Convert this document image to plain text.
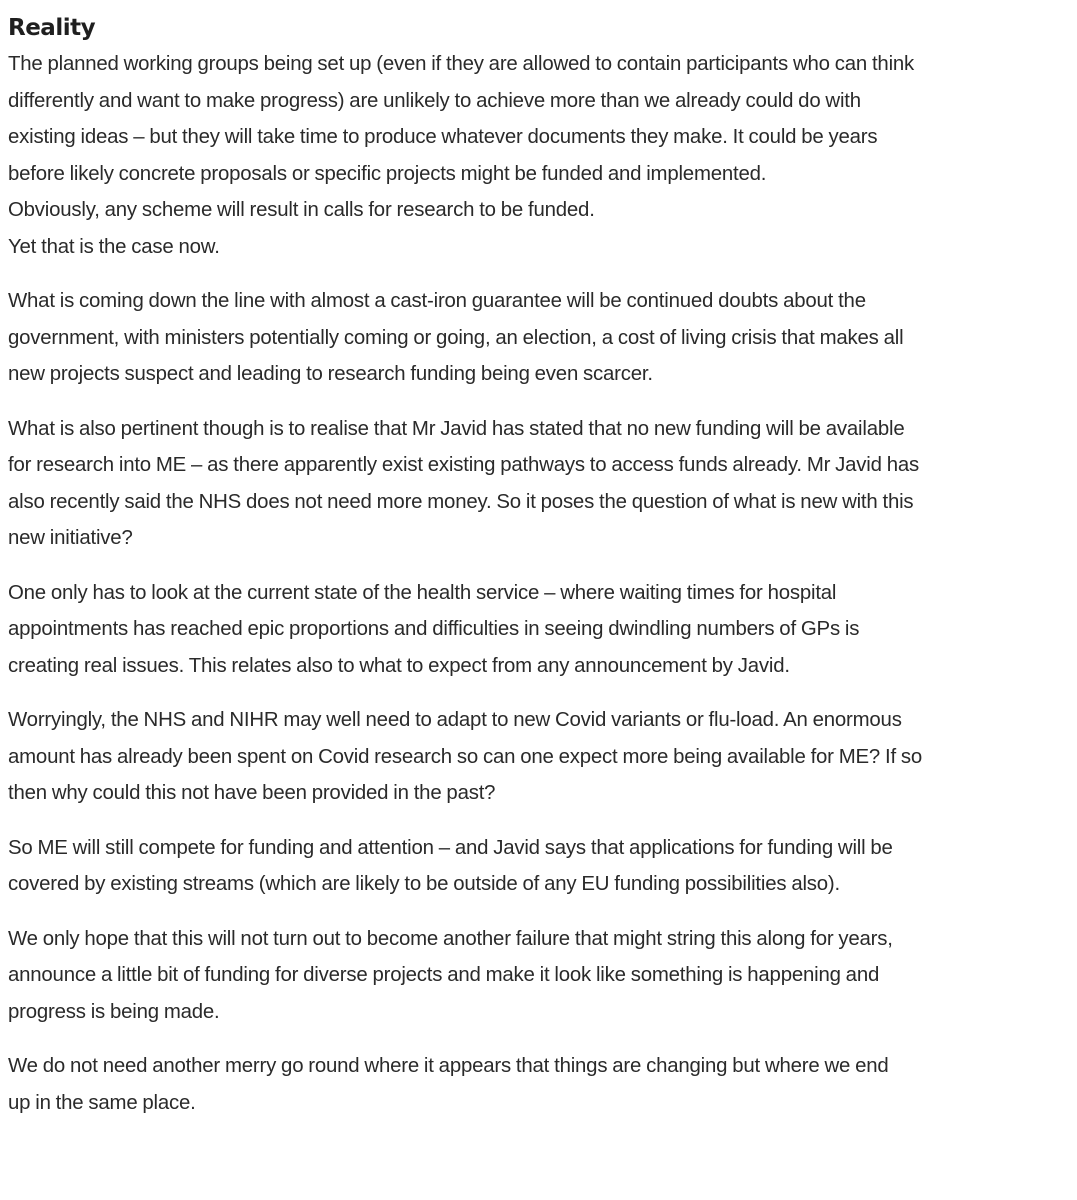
Reality

The planned working groups being set up (even if they are allowed to contain participants who can think
differently and want to make progress) are unlikely to achieve more than we already could do with
existing ideas – but they will take time to produce whatever documents they make. It could be years
before likely concrete proposals or specific projects might be funded and implemented.
Obviously, any scheme will result in calls for research to be funded.
Yet that is the case now.

What is coming down the line with almost a cast-iron guarantee will be continued doubts about the
government, with ministers potentially coming or going, an election, a cost of living crisis that makes all
new projects suspect and leading to research funding being even scarcer.

What is also pertinent though is to realise that Mr Javid has stated that no new funding will be available
for research into ME – as there apparently exist existing pathways to access funds already. Mr Javid has
also recently said the NHS does not need more money. So it poses the question of what is new with this
new initiative?

One only has to look at the current state of the health service – where waiting times for hospital
appointments has reached epic proportions and difficulties in seeing dwindling numbers of GPs is
creating real issues. This relates also to what to expect from any announcement by Javid.

Worryingly, the NHS and NIHR may well need to adapt to new Covid variants or flu-load. An enormous
amount has already been spent on Covid research so can one expect more being available for ME? If so
then why could this not have been provided in the past?

So ME will still compete for funding and attention – and Javid says that applications for funding will be
covered by existing streams (which are likely to be outside of any EU funding possibilities also).

We only hope that this will not turn out to become another failure that might string this along for years,
announce a little bit of funding for diverse projects and make it look like something is happening and
progress is being made.

We do not need another merry go round where it appears that things are changing but where we end
up in the same place.
